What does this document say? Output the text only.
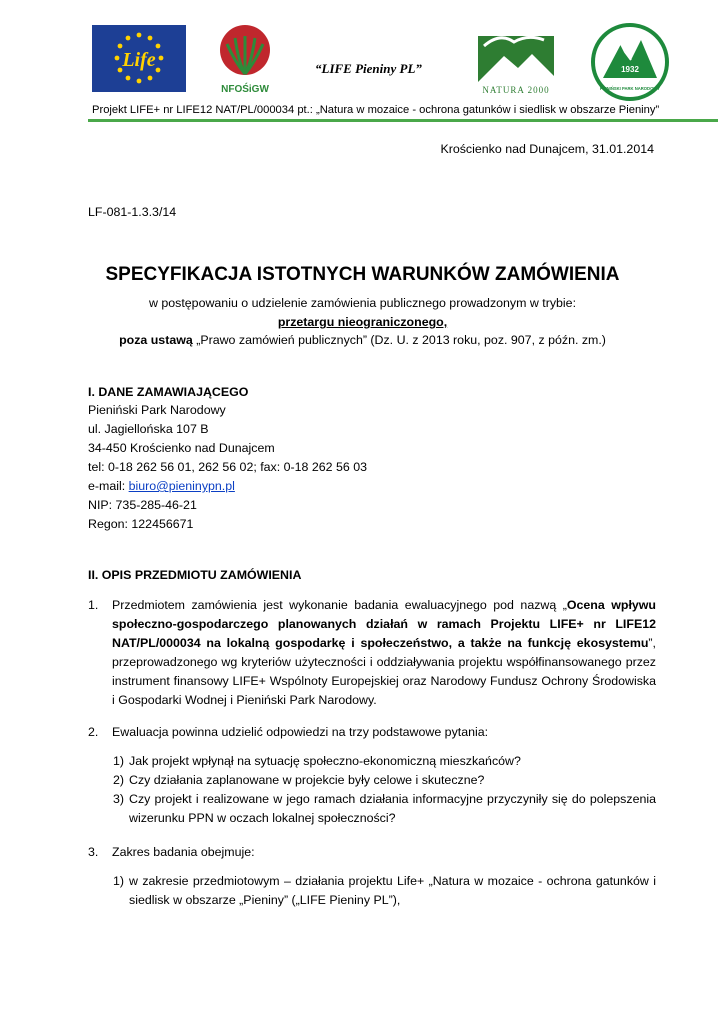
Life
NFOŚiGW
“LIFE Pieniny PL”
NATURA 2000
1932
PIENIŃSKI PARK NARODOWY
Projekt LIFE+ nr LIFE12 NAT/PL/000034 pt.: „Natura w mozaice - ochrona gatunków i siedlisk w obszarze Pieniny”
Krościenko nad Dunajcem, 31.01.2014
LF-081-1.3.3/14
SPECYFIKACJA ISTOTNYCH WARUNKÓW ZAMÓWIENIA
w postępowaniu o udzielenie zamówienia publicznego prowadzonym w trybie:
przetargu nieograniczonego,
poza ustawą „Prawo zamówień publicznych” (Dz. U. z 2013 roku, poz. 907, z późn. zm.)
I. DANE ZAMAWIAJĄCEGO
Pieniński Park Narodowy
ul. Jagiellońska 107 B
34-450 Krościenko nad Dunajcem
tel: 0-18 262 56 01, 262 56 02; fax: 0-18 262 56 03
e-mail: biuro@pieninypn.pl
NIP: 735-285-46-21
Regon: 122456671
II. OPIS PRZEDMIOTU ZAMÓWIENIA
1. Przedmiotem zamówienia jest wykonanie badania ewaluacyjnego pod nazwą „Ocena wpływu społeczno-gospodarczego planowanych działań w ramach Projektu LIFE+ nr LIFE12 NAT/PL/000034 na lokalną gospodarkę i społeczeństwo, a także na funkcję ekosystemu”, przeprowadzonego wg kryteriów użyteczności i oddziaływania projektu współfinansowanego przez instrument finansowy LIFE+ Wspólnoty Europejskiej oraz Narodowy Fundusz Ochrony Środowiska i Gospodarki Wodnej i Pieniński Park Narodowy.
2. Ewaluacja powinna udzielić odpowiedzi na trzy podstawowe pytania:
1) Jak projekt wpłynął na sytuację społeczno-ekonomiczną mieszkańców?
2) Czy działania zaplanowane w projekcie były celowe i skuteczne?
3) Czy projekt i realizowane w jego ramach działania informacyjne przyczyniły się do polepszenia wizerunku PPN w oczach lokalnej społeczności?
3. Zakres badania obejmuje:
1) w zakresie przedmiotowym – działania projektu Life+ „Natura w mozaice - ochrona gatunków i siedlisk w obszarze „Pieniny” („LIFE Pieniny PL”),
